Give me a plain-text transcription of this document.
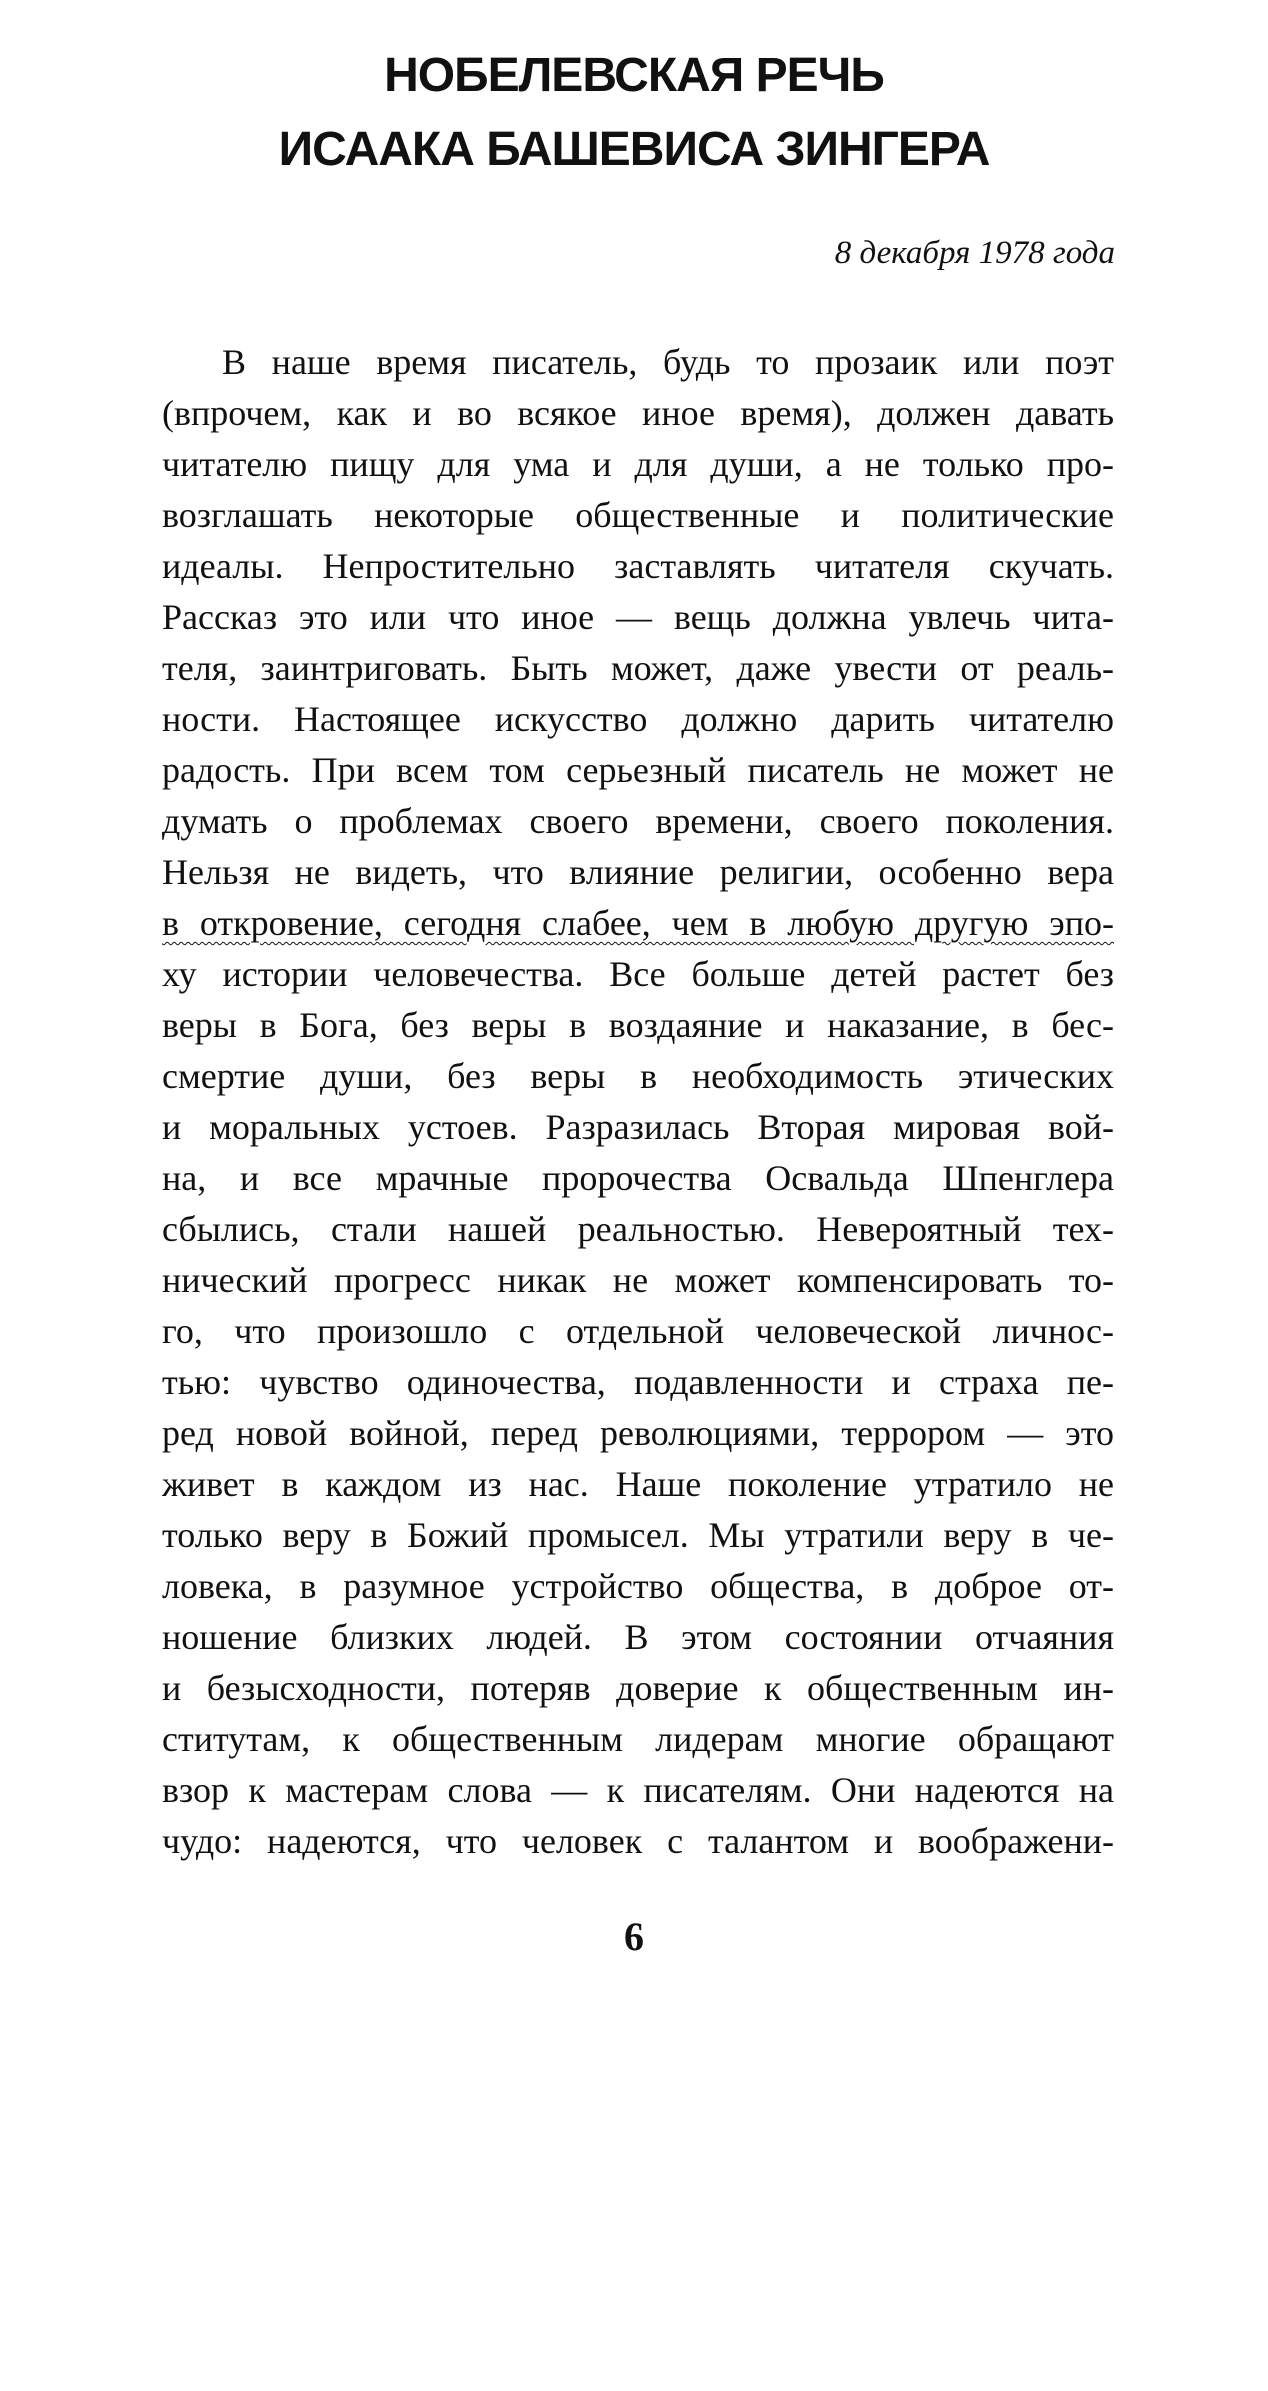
НОБЕЛЕВСКАЯ РЕЧЬ
ИСААКА БАШЕВИСА ЗИНГЕРА
8 декабря 1978 года

В наше время писатель, будь то прозаик или поэт

(впрочем, как и во всякое иное время), должен давать

читателю пищу для ума и для души, а не только про-

возглашать некоторые общественные и политические

идеалы. Непростительно заставлять читателя скучать.

Рассказ это или что иное — вещь должна увлечь чита-

теля, заинтриговать. Быть может, даже увести от реаль-

ности. Настоящее искусство должно дарить читателю

радость. При всем том серьезный писатель не может не

думать о проблемах своего времени, своего поколения.

Нельзя не видеть, что влияние религии, особенно вера

в откровение, сегодня слабее, чем в любую другую эпо-

ху истории человечества. Все больше детей растет без

веры в Бога, без веры в воздаяние и наказание, в бес-

смертие души, без веры в необходимость этических

и моральных устоев. Разразилась Вторая мировая вой-

на, и все мрачные пророчества Освальда Шпенглера

сбылись, стали нашей реальностью. Невероятный тех-

нический прогресс никак не может компенсировать то-

го, что произошло с отдельной человеческой личнос-

тью: чувство одиночества, подавленности и страха пе-

ред новой войной, перед революциями, террором — это

живет в каждом из нас. Наше поколение утратило не

только веру в Божий промысел. Мы утратили веру в че-

ловека, в разумное устройство общества, в доброе от-

ношение близких людей. В этом состоянии отчаяния

и безысходности, потеряв доверие к общественным ин-

ститутам, к общественным лидерам многие обращают

взор к мастерам слова — к писателям. Они надеются на

чудо: надеются, что человек с талантом и воображени-

6
